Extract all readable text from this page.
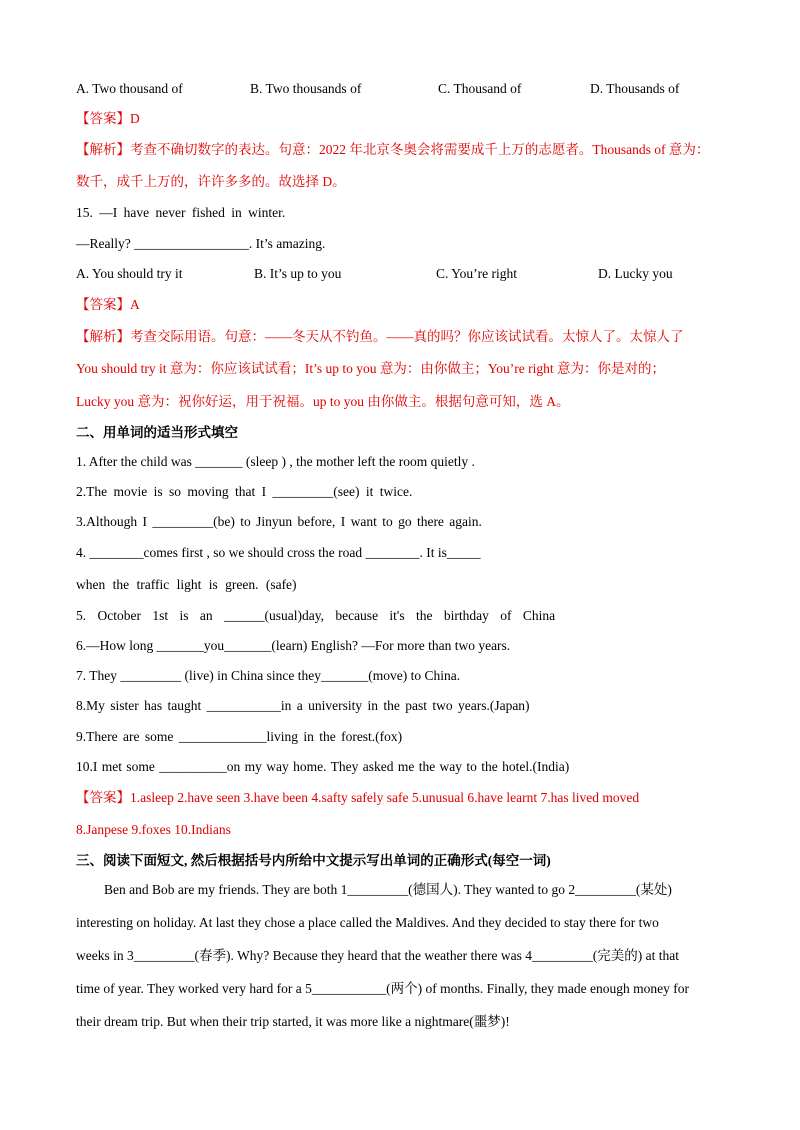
A. Two thousand of	B. Two thousands of	C. Thousand of	D. Thousands of
【答案】D
【解析】考查不确切数字的表达。句意：2022 年北京冬奥会将需要成千上万的志愿者。Thousands of 意为：
数千，成千上万的，许许多多的。故选择 D。
15. —I have never fished in winter.
—Really? _________________. It’s amazing.
A. You should try it	B. It’s up to you	C. You’re right	D. Lucky you
【答案】A
【解析】考查交际用语。句意：——冬天从不钓鱼。——真的吗？你应该试试看。太惊人了。太惊人了
You should try it 意为：你应该试试看；It’s up to you 意为：由你做主；You’re right 意为：你是对的；
Lucky you 意为：祝你好运，用于祝福。up to you 由你做主。根据句意可知，选 A。
二、用单词的适当形式填空
1. After the child was _______ (sleep ) , the mother left the room quietly .
2.The movie is so moving that I _________(see) it twice.
3.Although I _________(be) to Jinyun before, I want to go there again.
4. ________comes first , so we should cross the road ________. It is_____
when the traffic light is green. (safe)
5. October 1st is an ______(usual)day, because it's the birthday of China
6.—How long _______you_______(learn) English? —For more than two years.
7. They _________ (live) in China since they_______(move) to China.
8.My sister has taught ___________in a university in the past two years.(Japan)
9.There are some _____________living in the forest.(fox)
10.I met some __________on my way home. They asked me the way to the hotel.(India)
【答案】1.asleep 2.have seen 3.have been 4.safty safely safe 5.unusual 6.have learnt 7.has lived moved
8.Janpese 9.foxes 10.Indians
三、阅读下面短文, 然后根据括号内所给中文提示写出单词的正确形式(每空一词)
Ben and Bob are my friends. They are both 1_________(德国人). They wanted to go 2_________(某处)
interesting on holiday. At last they chose a place called the Maldives. And they decided to stay there for two
weeks in 3_________(春季). Why? Because they heard that the weather there was 4_________(完美的) at that
time of year. They worked very hard for a 5___________(两个) of months. Finally, they made enough money for
their dream trip. But when their trip started, it was more like a nightmare(噩梦)!
